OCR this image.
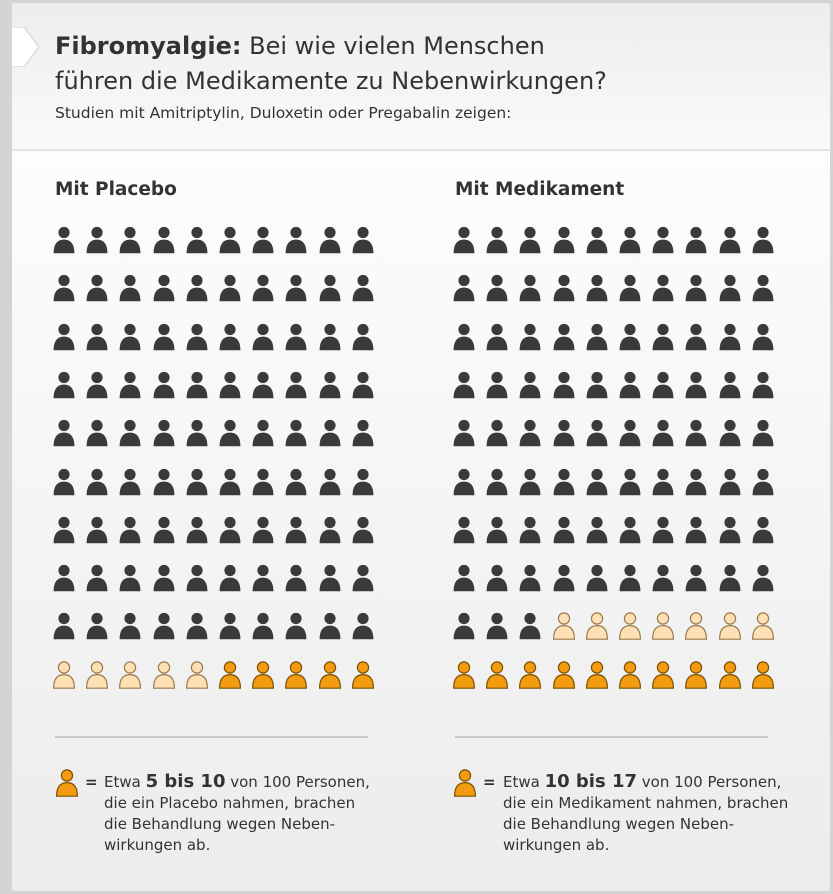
Fibromyalgie: Bei wie vielen Menschen
führen die Medikamente zu Nebenwirkungen?

Studien mit Amitriptylin, Duloxetin oder Pregabalin zeigen:

Mit Placebo
= Etwa 5 bis 10 von 100 Personen,
die ein Placebo nahmen, brachen
die Behandlung wegen Neben-
wirkungen ab.

Mit Medikament
= Etwa 10 bis 17 von 100 Personen,
die ein Medikament nahmen, brachen
die Behandlung wegen Neben-
wirkungen ab.
